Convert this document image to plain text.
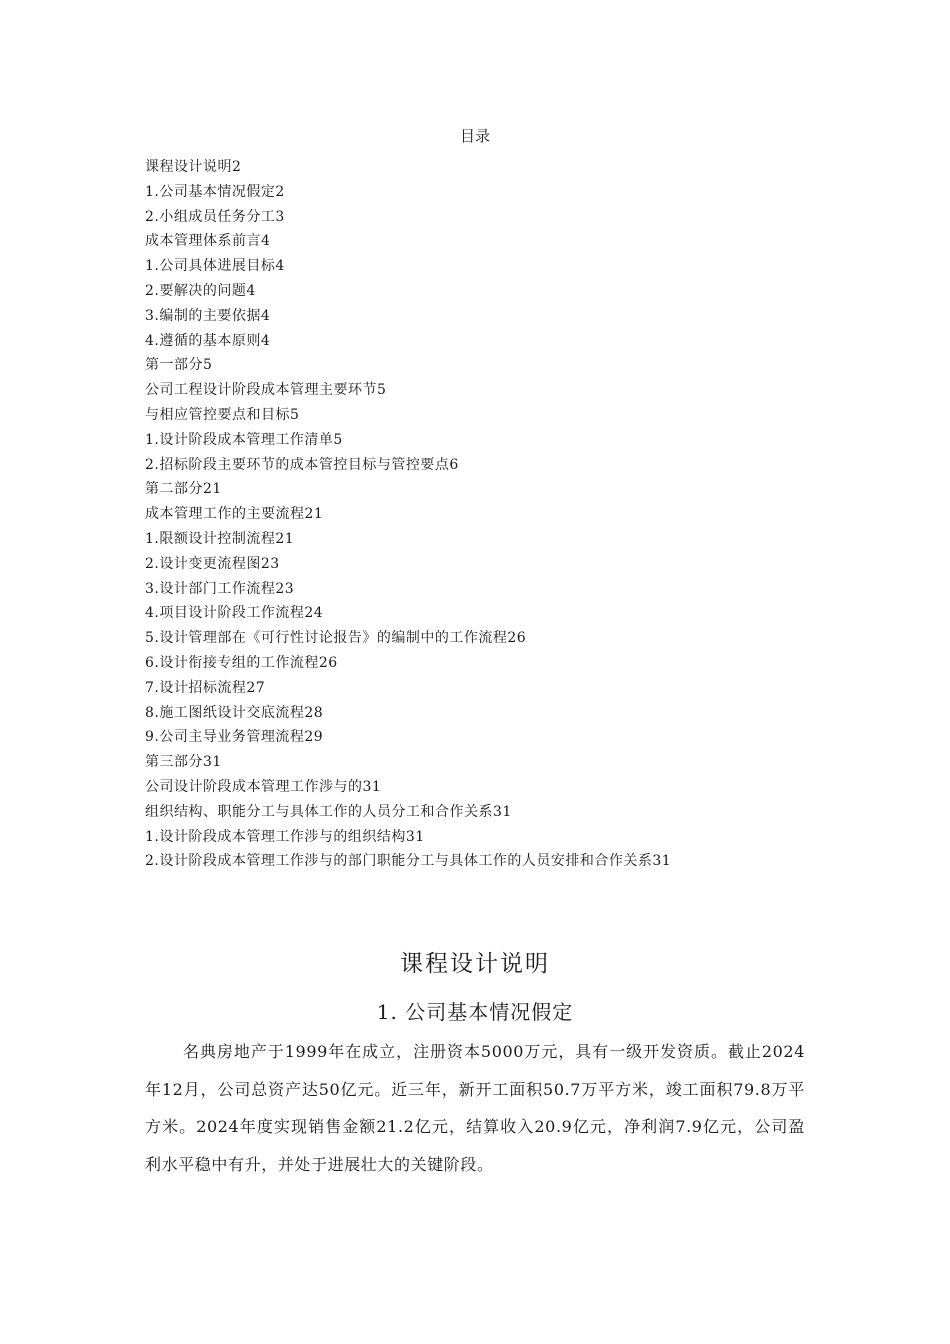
目录
课程设计说明2
1.公司基本情况假定2
2.小组成员任务分工3
成本管理体系前言4
1.公司具体进展目标4
2.要解决的问题4
3.编制的主要依据4
4.遵循的基本原则4
第一部分5
公司工程设计阶段成本管理主要环节5
与相应管控要点和目标5
1.设计阶段成本管理工作清单5
2.招标阶段主要环节的成本管控目标与管控要点6
第二部分21
成本管理工作的主要流程21
1.限额设计控制流程21
2.设计变更流程图23
3.设计部门工作流程23
4.项目设计阶段工作流程24
5.设计管理部在《可行性讨论报告》的编制中的工作流程26
6.设计衔接专组的工作流程26
7.设计招标流程27
8.施工图纸设计交底流程28
9.公司主导业务管理流程29
第三部分31
公司设计阶段成本管理工作涉与的31
组织结构、职能分工与具体工作的人员分工和合作关系31
1.设计阶段成本管理工作涉与的组织结构31
2.设计阶段成本管理工作涉与的部门职能分工与具体工作的人员安排和合作关系31
课程设计说明
1. 公司基本情况假定

名典房地产于1999年在成立，注册资本5000万元，具有一级开发资质。截止2024年12月，公司总资产达50亿元。近三年，新开工面积50.7万平方米，竣工面积79.8万平方米。2024年度实现销售金额21.2亿元，结算收入20.9亿元，净利润7.9亿元，公司盈利水平稳中有升，并处于进展壮大的关键阶段。
